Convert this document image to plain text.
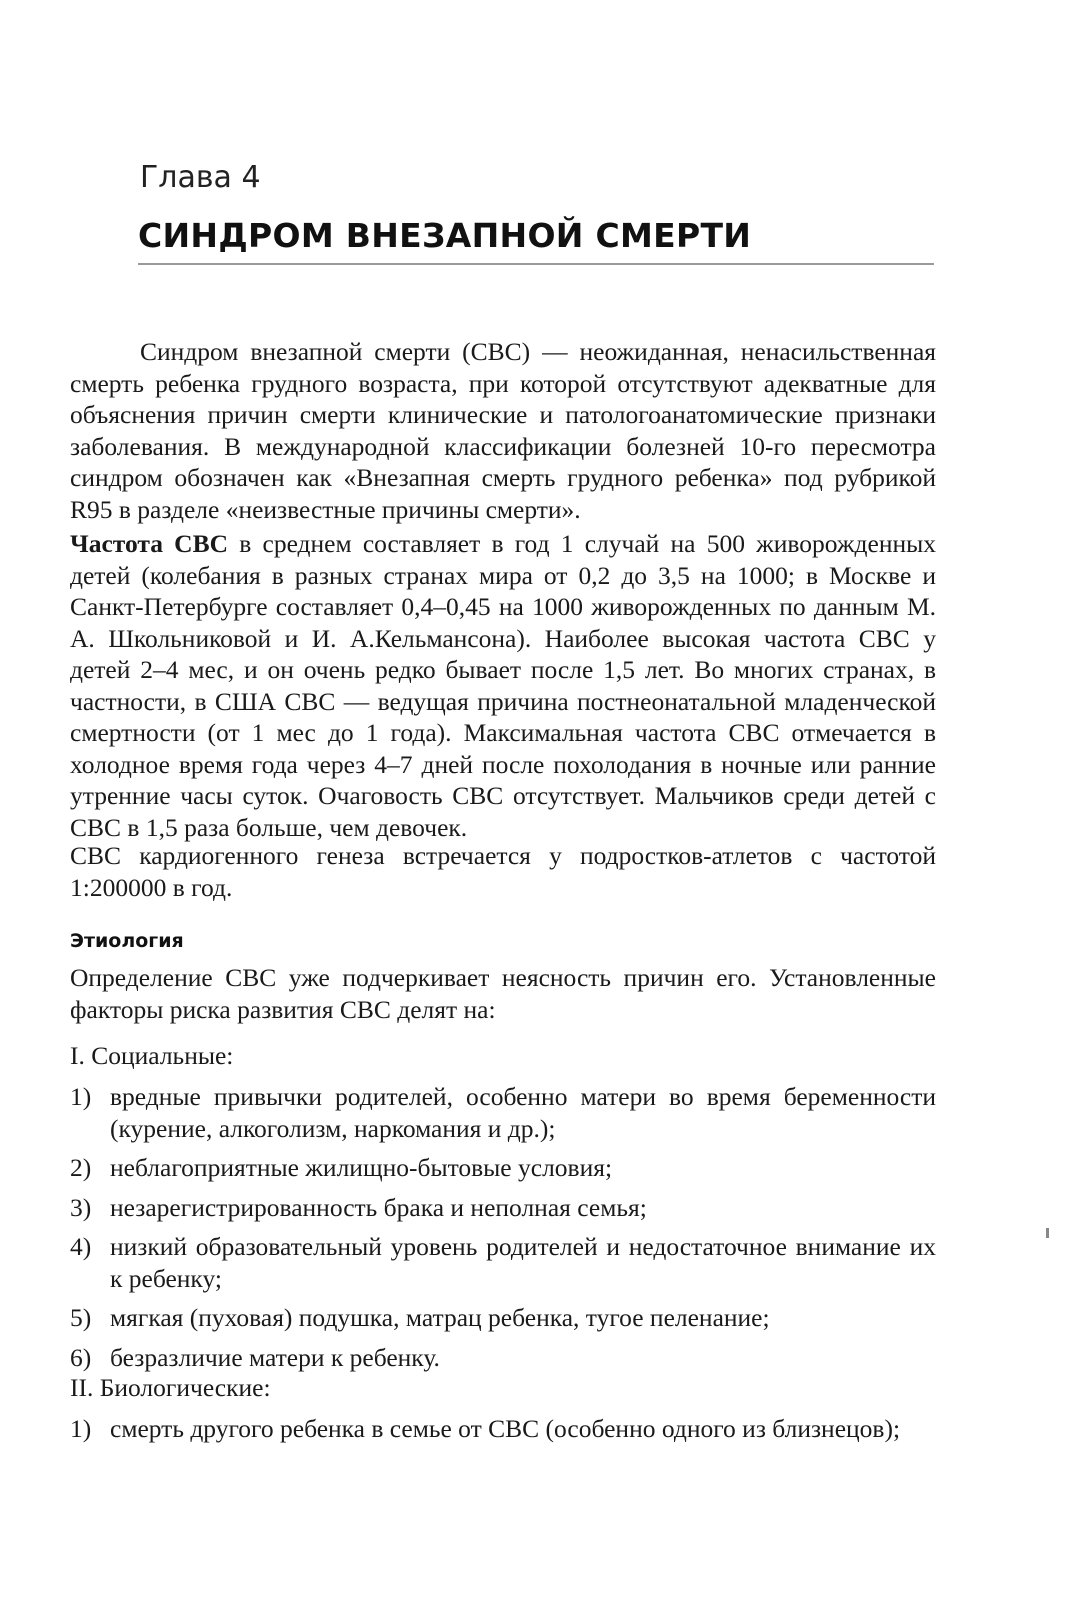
Глава 4
СИНДРОМ ВНЕЗАПНОЙ СМЕРТИ

Синдром внезапной смерти (СВС) — неожиданная, ненасильственная смерть ребенка грудного возраста, при которой отсутствуют адекватные для объяснения причин смерти клинические и патологоанатомические признаки заболевания. В международной классификации болезней 10-го пересмотра синдром обозначен как «Внезапная смерть грудного ребенка» под рубрикой R95 в разделе «неизвестные причины смерти».

Частота СВС в среднем составляет в год 1 случай на 500 живорожденных детей (колебания в разных странах мира от 0,2 до 3,5 на 1000; в Москве и Санкт-Петербурге составляет 0,4–0,45 на 1000 живорожденных по данным М. А. Школьниковой и И. А.Кельмансона). Наиболее высокая частота СВС у детей 2–4 мес, и он очень редко бывает после 1,5 лет. Во многих странах, в частности, в США СВС — ведущая причина постнеонатальной младенческой смертности (от 1 мес до 1 года). Максимальная частота СВС отмечается в холодное время года через 4–7 дней после похолодания в ночные или ранние утренние часы суток. Очаговость СВС отсутствует. Мальчиков среди детей с СВС в 1,5 раза больше, чем девочек.

СВС кардиогенного генеза встречается у подростков-атлетов с частотой 1:200000 в год.

Этиология

Определение СВС уже подчеркивает неясность причин его. Установленные факторы риска развития СВС делят на:

I. Социальные:
1) вредные привычки родителей, особенно матери во время беременности (курение, алкоголизм, наркомания и др.);
2) неблагоприятные жилищно-бытовые условия;
3) незарегистрированность брака и неполная семья;
4) низкий образовательный уровень родителей и недостаточное внимание их к ребенку;
5) мягкая (пуховая) подушка, матрац ребенка, тугое пеленание;
6) безразличие матери к ребенку.
II. Биологические:
1) смерть другого ребенка в семье от СВС (особенно одного из близнецов);
